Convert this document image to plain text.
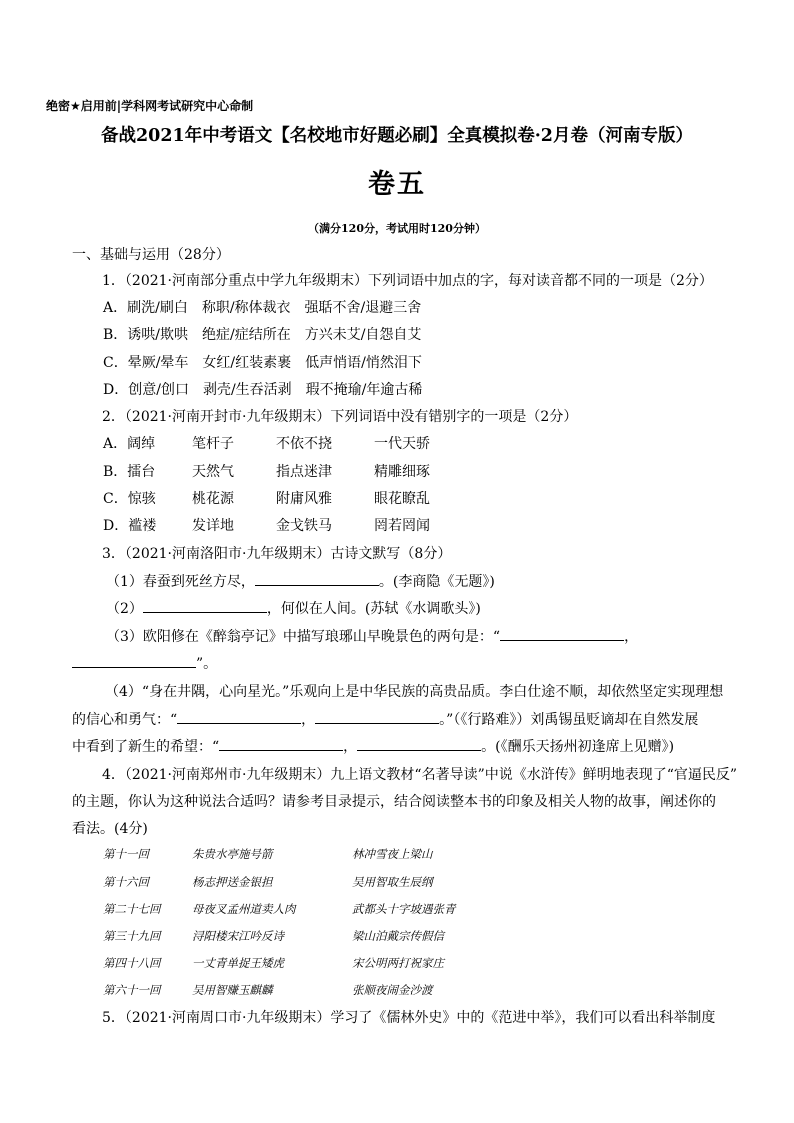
绝密★启用前|学科网考试研究中心命制
备战2021年中考语文【名校地市好题必刷】全真模拟卷·2月卷（河南专版）
卷五
（满分120分，考试用时120分钟）
一、基础与运用（28分）
1．（2021·河南部分重点中学九年级期末）下列词语中加点的字，每对读音都不同的一项是（2分）
A．刷洗/刷白　称职/称体裁衣　强聒不舍/退避三舍
B．诱哄/欺哄　绝症/症结所在　方兴未艾/自怨自艾
C．晕厥/晕车　女红/红装素裹　低声悄语/悄然泪下
D．创意/创口　剥壳/生吞活剥　瑕不掩瑜/年逾古稀
2．（2021·河南开封市·九年级期末）下列词语中没有错别字的一项是（2分）
A．阔绰	笔杆子	不依不挠	一代天骄
B．擂台	天然气	指点迷津	精雕细琢
C．惊骇	桃花源	附庸风雅	眼花瞭乱
D．褴褛	发详地	金戈铁马	罔若罔闻
3．（2021·河南洛阳市·九年级期末）古诗文默写（8分）
（1）春蚕到死丝方尽，	。(李商隐《无题》)
（2）	，何似在人间。(苏轼《水调歌头》)
（3）欧阳修在《醉翁亭记》中描写琅琊山早晚景色的两句是：“	，
”。
（4）“身在井隅，心向星光。”乐观向上是中华民族的高贵品质。李白仕途不顺，却依然坚定实现理想
的信心和勇气：“	，	。”（《行路难》）刘禹锡虽贬谪却在自然发展
中看到了新生的希望：“	，	。(《酬乐天扬州初逢席上见赠》)
4．（2021·河南郑州市·九年级期末）九上语文教材“名著导读”中说《水浒传》鲜明地表现了“官逼民反”
的主题，你认为这种说法合适吗？请参考目录提示，结合阅读整本书的印象及相关人物的故事，阐述你的
看法。(4分)
第十一回	朱贵水亭施号箭	林冲雪夜上梁山
第十六回	杨志押送金银担	吴用智取生辰纲
第二十七回	母夜叉孟州道卖人肉	武都头十字坡遇张青
第三十九回	浔阳楼宋江吟反诗	梁山泊戴宗传假信
第四十八回	一丈青单捉王矮虎	宋公明两打祝家庄
第六十一回	吴用智赚玉麒麟	张顺夜闹金沙渡
5．（2021·河南周口市·九年级期末）学习了《儒林外史》中的《范进中举》，我们可以看出科举制度
